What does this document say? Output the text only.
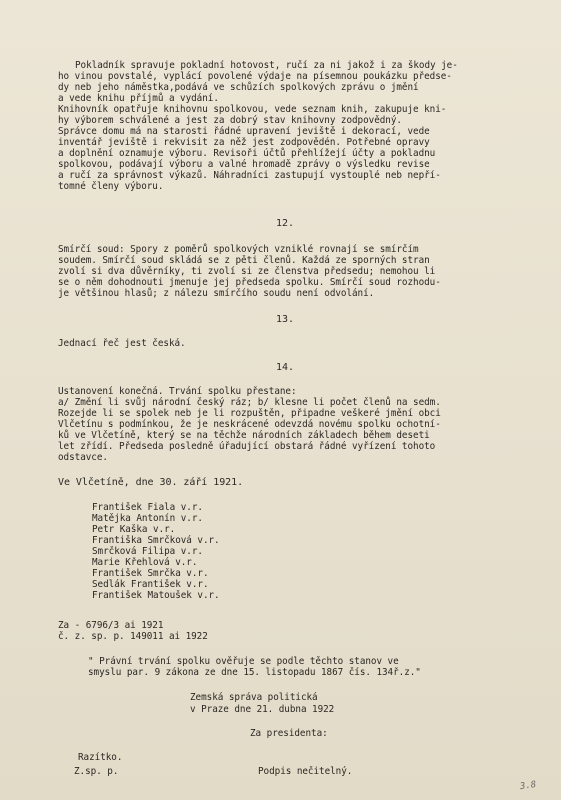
Pokladník spravuje pokladní hotovost, ručí za ni jakož i za škody je-
ho vinou povstalé, vyplácí povolené výdaje na písemnou poukázku předse-
dy neb jeho náměstka,podává ve schůzích spolkových zprávu o jmění
a vede knihu příjmů a vydání.
Knihovník opatřuje knihovnu spolkovou, vede seznam knih, zakupuje kni-
hy výborem schválené a jest za dobrý stav knihovny zodpovědný.
Správce domu má na starosti řádné upravení jeviště i dekorací, vede
inventář jeviště i rekvisit za něž jest zodpovědén. Potřebné opravy
a doplnění oznamuje výboru. Revisoři účtů přehlížejí účty a pokladnu
spolkovou, podávají výboru a valné hromadě zprávy o výsledku revise
a ručí za správnost výkazů. Náhradníci zastupují vystouplé neb nepří-
tomné členy výboru.
12.
Smírčí soud: Spory z poměrů spolkových vzniklé rovnají se smírčím
soudem. Smírčí soud skládá se z pěti členů. Každá ze sporných stran
zvolí si dva důvěrníky, ti zvolí si ze členstva předsedu; nemohou li
se o něm dohodnouti jmenuje jej předseda spolku. Smírčí soud rozhodu-
je většinou hlasů; z nálezu smírčího soudu není odvolání.
13.
Jednací řeč jest česká.
14.
Ustanovení konečná. Trvání spolku přestane:
a/ Změní li svůj národní český ráz; b/ klesne li počet členů na sedm.
Rozejde li se spolek neb je li rozpuštěn, připadne veškeré jmění obci
Vlčetínu s podmínkou, že je neskrácené odevzdá novému spolku ochotní-
ků ve Vlčetíně, který se na těchže národních základech během deseti
let zřídí. Předseda posledně úřadující obstará řádné vyřízení tohoto
odstavce.
Ve Vlčetíně, dne 30. září 1921.
František Fiala v.r.
Matějka Antonín v.r.
Petr Kaška v.r.
Františka Smrčková v.r.
Smrčková Filipa v.r.
Marie Křehlová v.r.
František Smrčka v.r.
Sedlák František v.r.
František Matoušek v.r.
Za - 6796/3 ai 1921
č. z. sp. p. 149011 ai 1922
" Právní trvání spolku ověřuje se podle těchto stanov ve
smyslu par. 9 zákona ze dne 15. listopadu 1867 čís. 134ř.z."
Zemská správa politická
v Praze dne 21. dubna 1922
Za presidenta:
Razítko.
Z.sp. p.	Podpis nečitelný.
3.8
